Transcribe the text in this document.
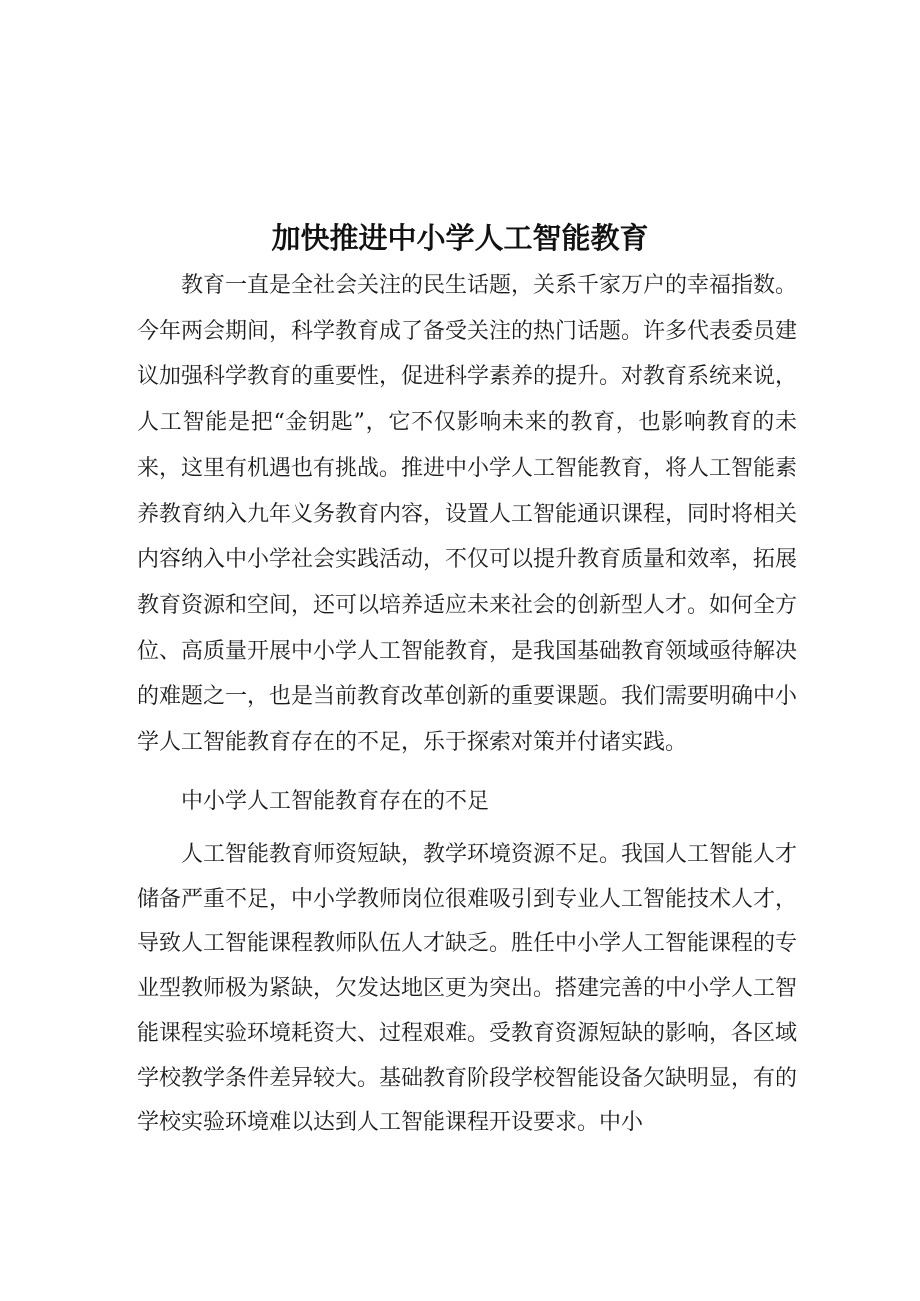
加快推进中小学人工智能教育

教育一直是全社会关注的民生话题，关系千家万户的幸福指数。今年两会期间，科学教育成了备受关注的热门话题。许多代表委员建议加强科学教育的重要性，促进科学素养的提升。对教育系统来说，人工智能是把“金钥匙”，它不仅影响未来的教育，也影响教育的未来，这里有机遇也有挑战。推进中小学人工智能教育，将人工智能素养教育纳入九年义务教育内容，设置人工智能通识课程，同时将相关内容纳入中小学社会实践活动，不仅可以提升教育质量和效率，拓展教育资源和空间，还可以培养适应未来社会的创新型人才。如何全方位、高质量开展中小学人工智能教育，是我国基础教育领域亟待解决的难题之一，也是当前教育改革创新的重要课题。我们需要明确中小学人工智能教育存在的不足，乐于探索对策并付诸实践。

中小学人工智能教育存在的不足

人工智能教育师资短缺，教学环境资源不足。我国人工智能人才储备严重不足，中小学教师岗位很难吸引到专业人工智能技术人才，导致人工智能课程教师队伍人才缺乏。胜任中小学人工智能课程的专业型教师极为紧缺，欠发达地区更为突出。搭建完善的中小学人工智能课程实验环境耗资大、过程艰难。受教育资源短缺的影响，各区域学校教学条件差异较大。基础教育阶段学校智能设备欠缺明显，有的学校实验环境难以达到人工智能课程开设要求。中小
